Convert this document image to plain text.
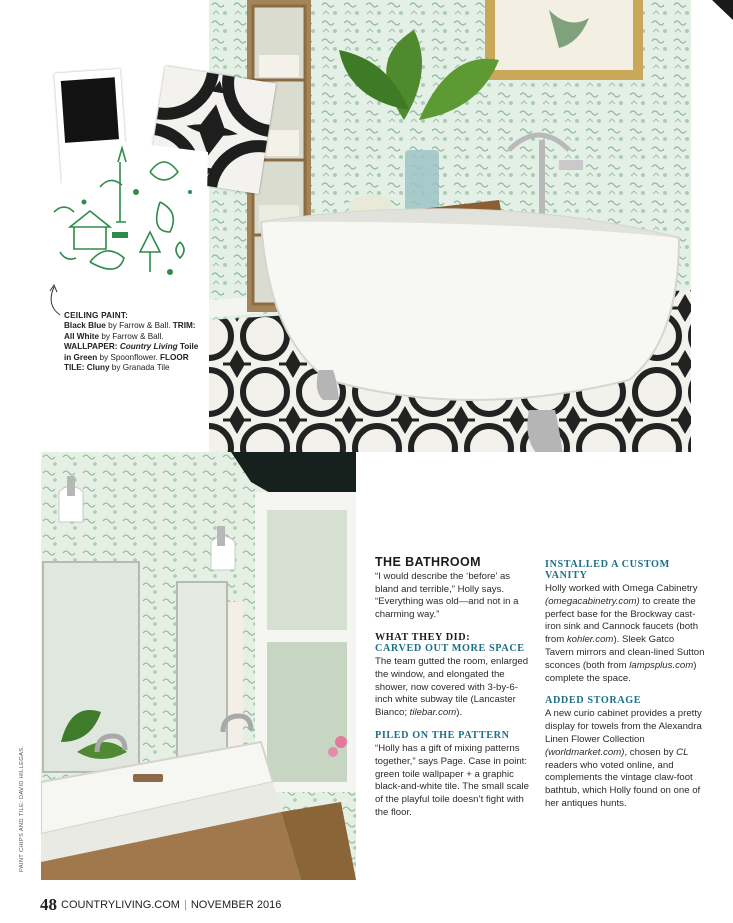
CEILING PAINT:
Black Blue by Farrow & Ball. TRIM: All White by Farrow & Ball. WALLPAPER: Country Living Toile in Green by Spoonflower. FLOOR TILE: Cluny by Granada Tile
PAINT CHIPS AND TILE: DAVID HILLEGAS.
THE BATHROOM

“I would describe the ‘before’ as bland and terrible,” Holly says. “Everything was old—and not in a charming way.”

WHAT THEY DID:
CARVED OUT MORE SPACE

The team gutted the room, enlarged the window, and elongated the shower, now covered with 3-by-6-inch white subway tile (Lancaster Bianco; tilebar.com).

PILED ON THE PATTERN

“Holly has a gift of mixing patterns together,” says Page. Case in point: green toile wallpaper + a graphic black-and-white tile. The small scale of the playful toile doesn’t fight with the floor.

INSTALLED A CUSTOM VANITY

Holly worked with Omega Cabinetry (omegacabinetry.com) to create the perfect base for the Brockway cast-iron sink and Cannock faucets (both from kohler.com). Sleek Gatco Tavern mirrors and clean-lined Sutton sconces (both from lampsplus.com) complete the space.

ADDED STORAGE

A new curio cabinet provides a pretty display for towels from the Alexandra Linen Flower Collection (worldmarket.com), chosen by CL readers who voted online, and complements the vintage claw-foot bathtub, which Holly found on one of her antiques hunts.

48 COUNTRYLIVING.COM | NOVEMBER 2016
